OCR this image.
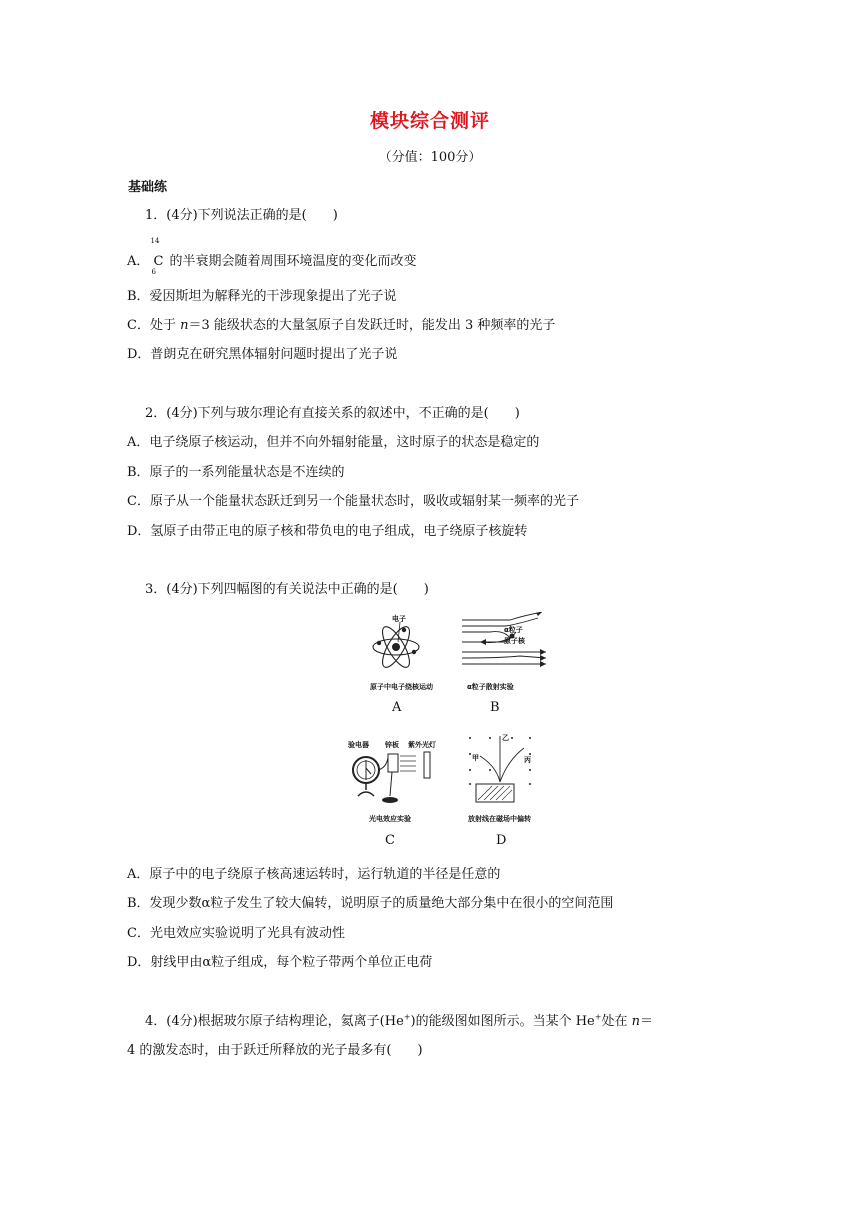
模块综合测评
（分值：100分）
基础练
1．(4分)下列说法正确的是(　　)
A．
14
C
6
的半衰期会随着周围环境温度的变化而改变
B．爱因斯坦为解释光的干涉现象提出了光子说
C．处于 n＝3 能级状态的大量氢原子自发跃迁时，能发出 3 种频率的光子
D．普朗克在研究黑体辐射问题时提出了光子说
2．(4分)下列与玻尔理论有直接关系的叙述中，不正确的是(　　)
A．电子绕原子核运动，但并不向外辐射能量，这时原子的状态是稳定的
B．原子的一系列能量状态是不连续的
C．原子从一个能量状态跃迁到另一个能量状态时，吸收或辐射某一频率的光子
D．氢原子由带正电的原子核和带负电的电子组成，电子绕原子核旋转
3．(4分)下列四幅图的有关说法中正确的是(　　)
电子
原子中电子绕核运动
A
α粒子
原子核
α粒子散射实验
B
验电器 锌板 紫外光灯
光电效应实验
C
乙
甲	丙
放射线在磁场中偏转
D
A．原子中的电子绕原子核高速运转时，运行轨道的半径是任意的
B．发现少数α粒子发生了较大偏转，说明原子的质量绝大部分集中在很小的空间范围
C．光电效应实验说明了光具有波动性
D．射线甲由α粒子组成，每个粒子带两个单位正电荷
4．(4分)根据玻尔原子结构理论，氦离子(He+)的能级图如图所示。当某个 He+处在 n＝
4 的激发态时，由于跃迁所释放的光子最多有(　　)
